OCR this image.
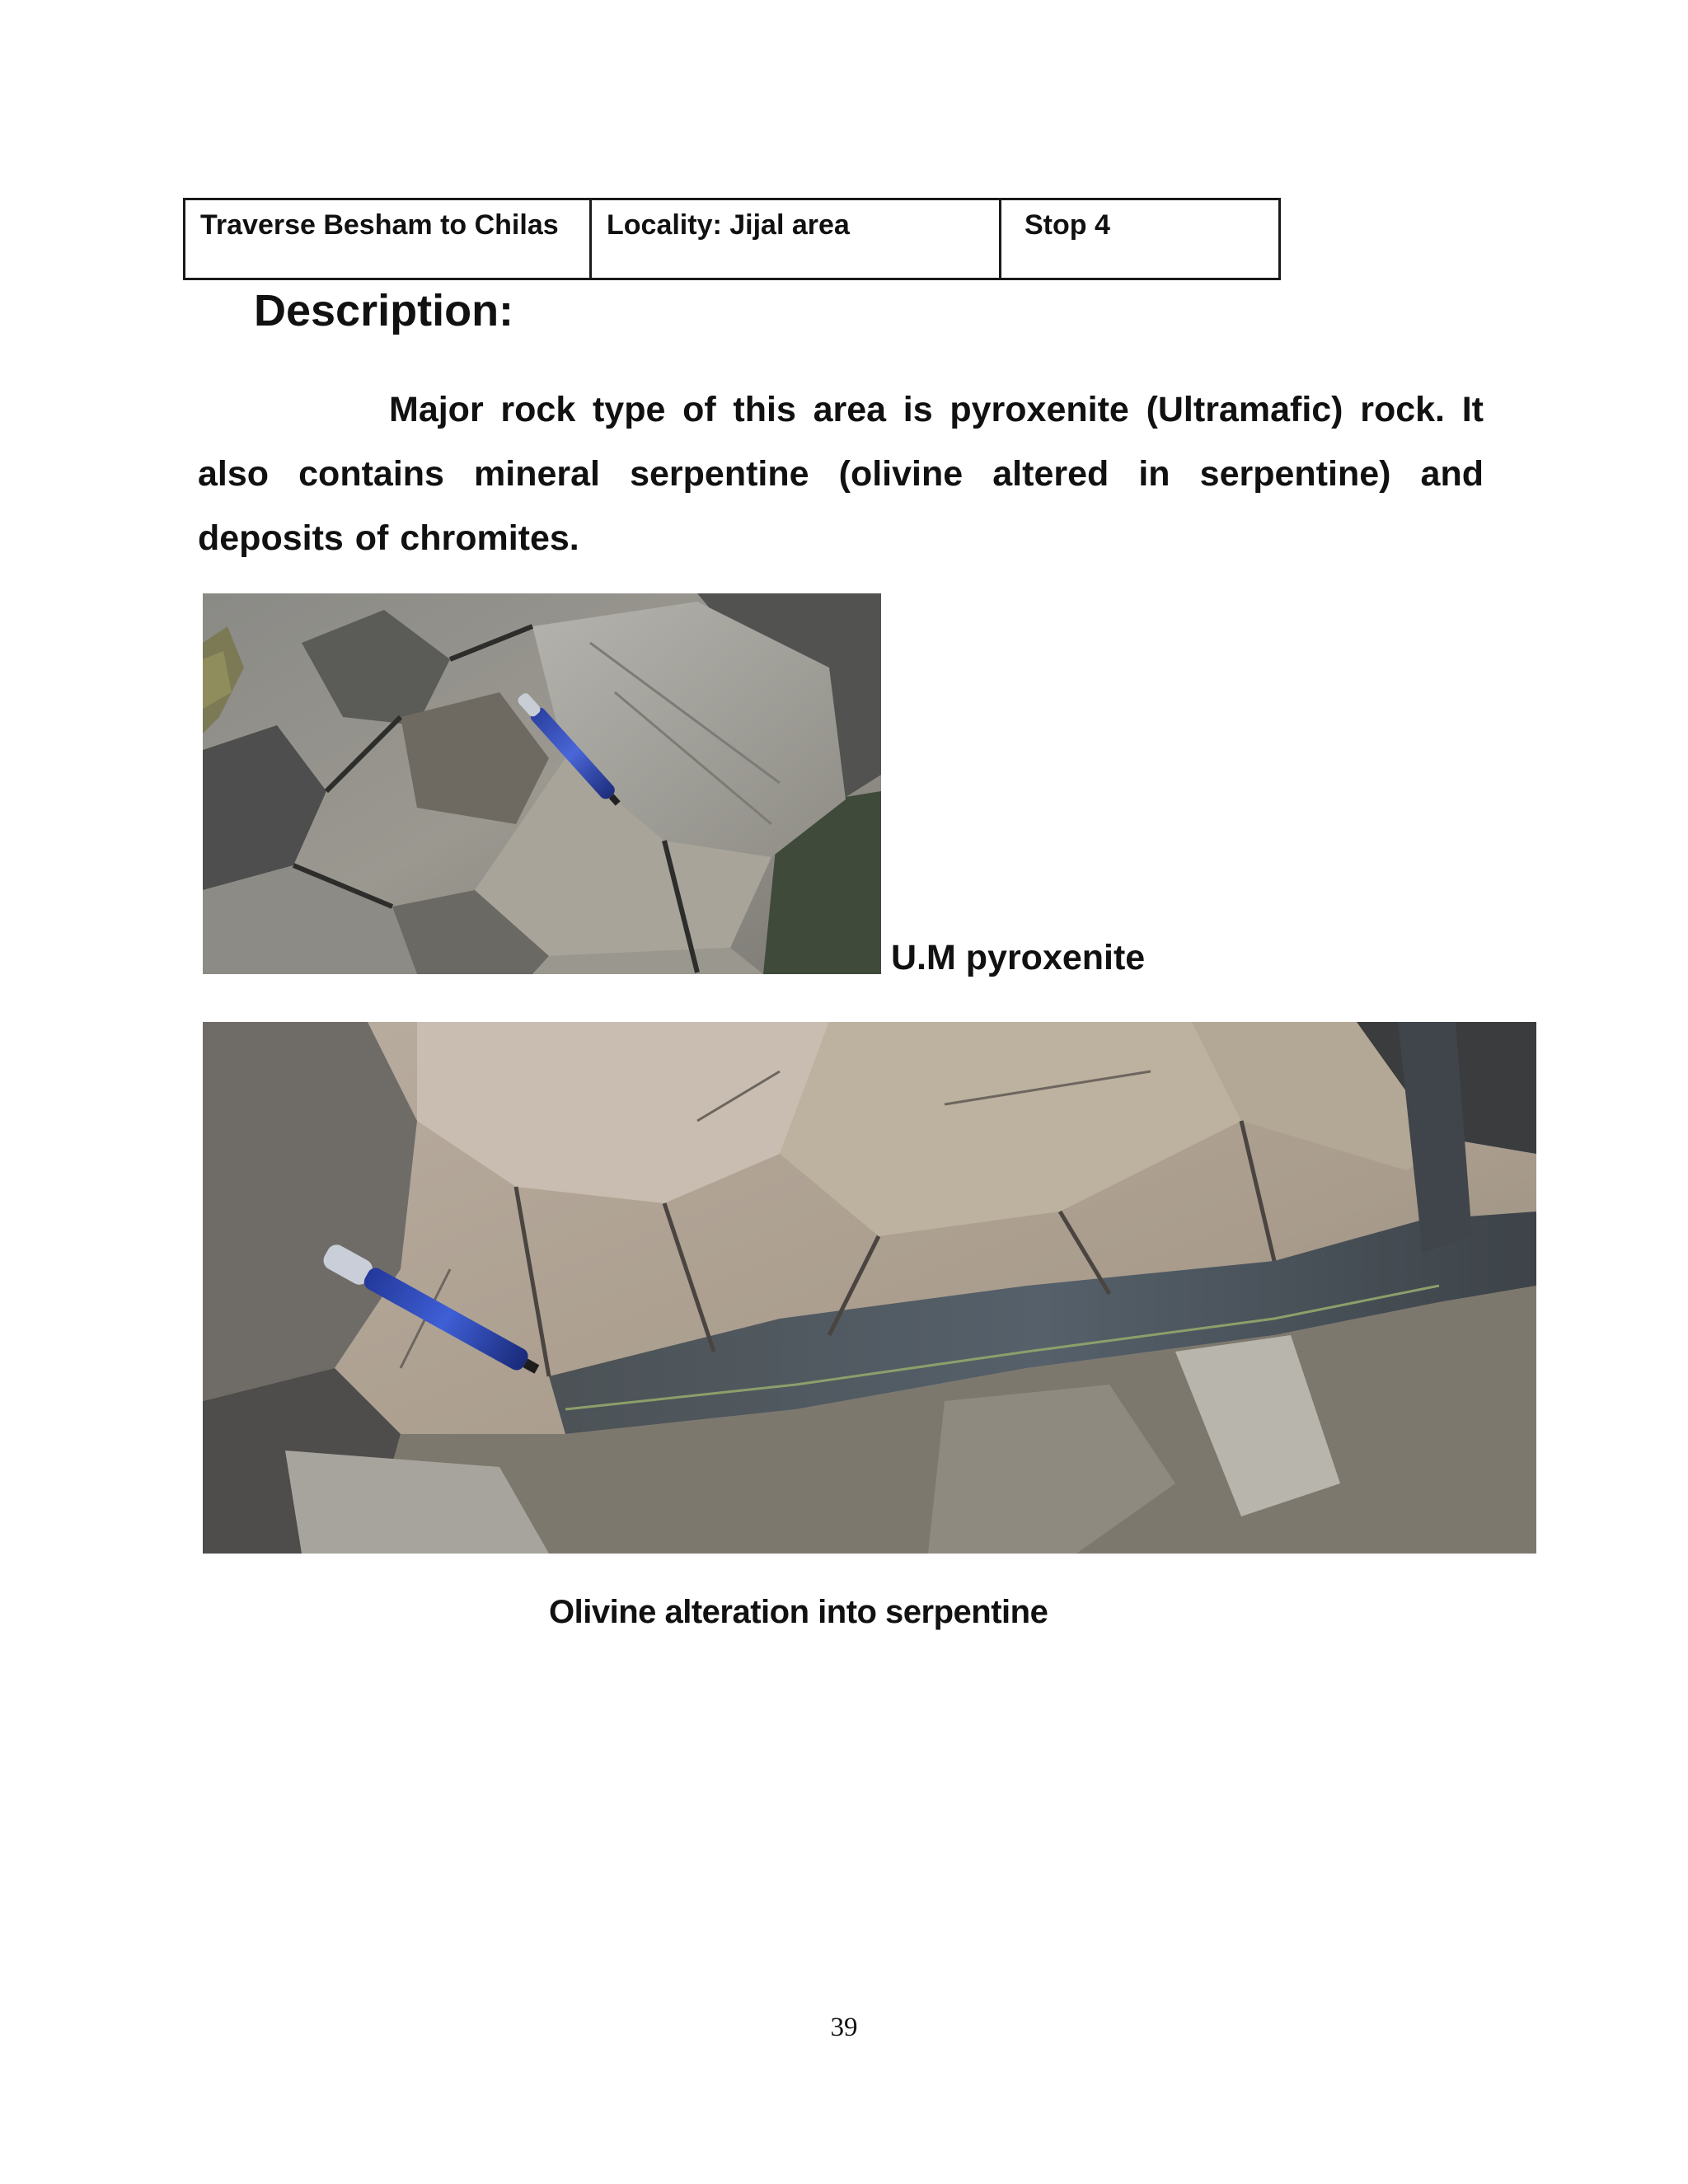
Traverse Besham to Chilas	Locality: Jijal area	Stop 4
Description:

Major rock type of this area is pyroxenite (Ultramafic) rock. It also contains mineral serpentine (olivine altered in serpentine) and deposits of chromites.

U.M pyroxenite

Olivine alteration into serpentine

39
